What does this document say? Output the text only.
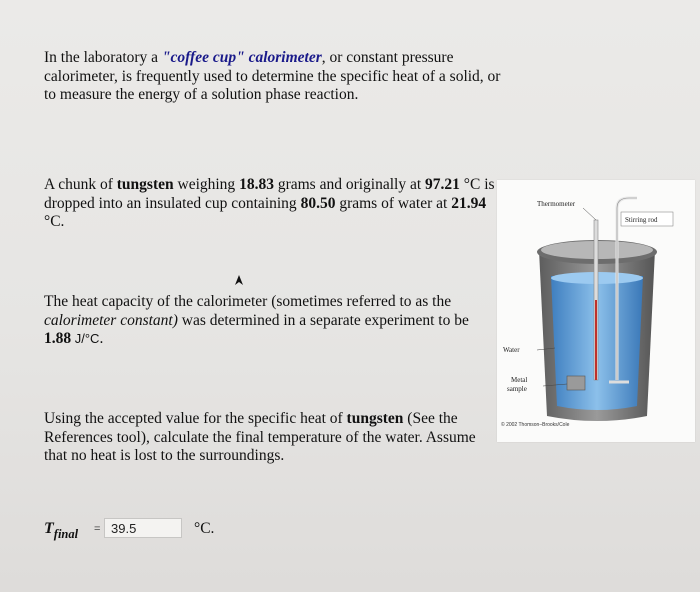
In the laboratory a "coffee cup" calorimeter, or constant pressure calorimeter, is frequently used to determine the specific heat of a solid, or to measure the energy of a solution phase reaction.
A chunk of tungsten weighing 18.83 grams and originally at 97.21 °C is dropped into an insulated cup containing 80.50 grams of water at 21.94 °C.
The heat capacity of the calorimeter (sometimes referred to as the calorimeter constant) was determined in a separate experiment to be 1.88 J/°C.
Using the accepted value for the specific heat of tungsten (See the References tool), calculate the final temperature of the water. Assume that no heat is lost to the surroundings.
$T_{final}$ =
39.5	°C.
Thermometer
Stirring rod
Water
Metal
sample
© 2002 Thomson–Brooks/Cole
